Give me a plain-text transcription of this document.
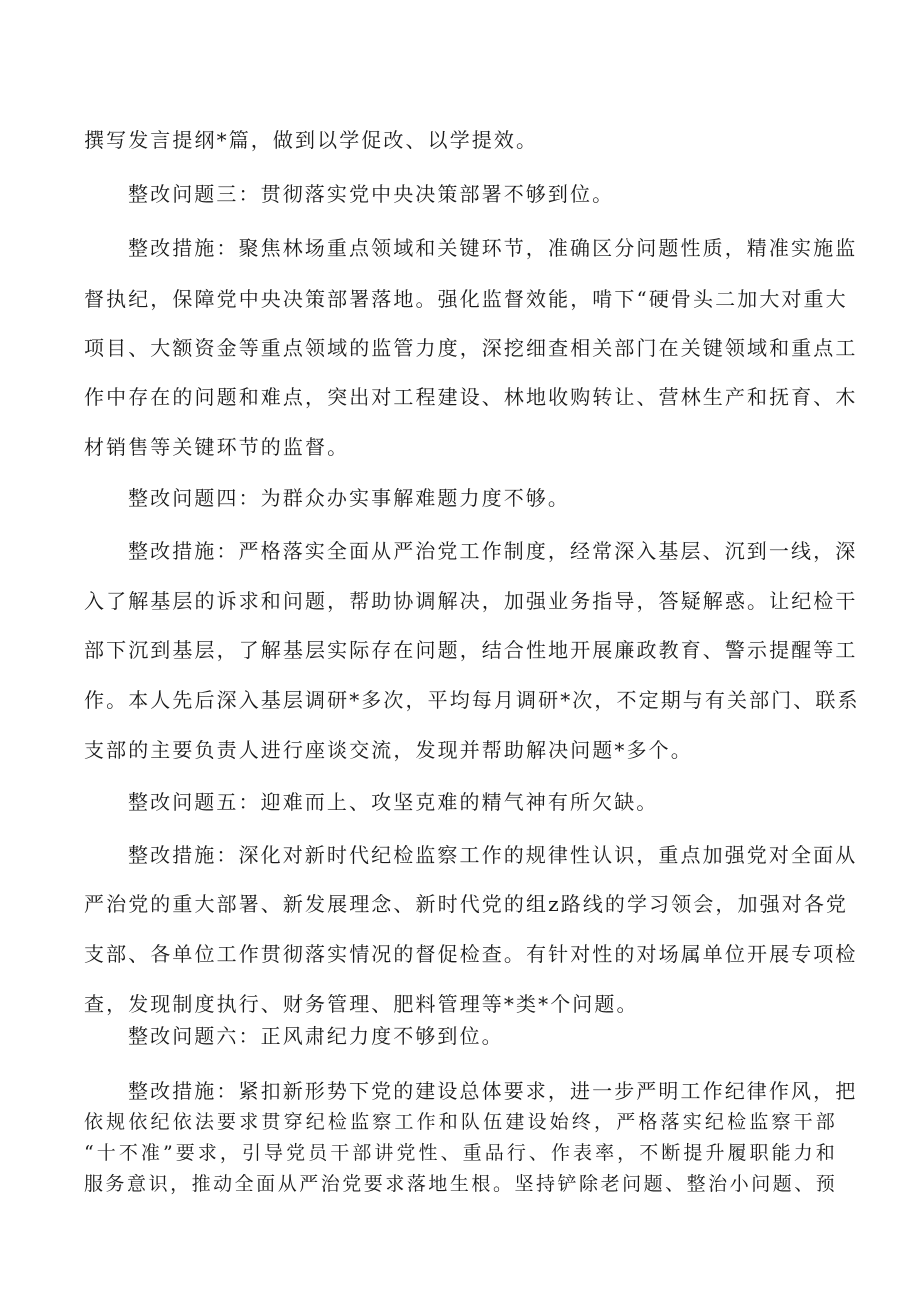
撰写发言提纲*篇，做到以学促改、以学提效。
整改问题三：贯彻落实党中央决策部署不够到位。
整改措施：聚焦林场重点领域和关键环节，准确区分问题性质，精准实施监
督执纪，保障党中央决策部署落地。强化监督效能，啃下“硬骨头二加大对重大
项目、大额资金等重点领域的监管力度，深挖细查相关部门在关键领域和重点工
作中存在的问题和难点，突出对工程建设、林地收购转让、营林生产和抚育、木
材销售等关键环节的监督。
整改问题四：为群众办实事解难题力度不够。
整改措施：严格落实全面从严治党工作制度，经常深入基层、沉到一线，深
入了解基层的诉求和问题，帮助协调解决，加强业务指导，答疑解惑。让纪检干
部下沉到基层，了解基层实际存在问题，结合性地开展廉政教育、警示提醒等工
作。本人先后深入基层调研*多次，平均每月调研*次，不定期与有关部门、联系
支部的主要负责人进行座谈交流，发现并帮助解决问题*多个。
整改问题五：迎难而上、攻坚克难的精气神有所欠缺。
整改措施：深化对新时代纪检监察工作的规律性认识，重点加强党对全面从
严治党的重大部署、新发展理念、新时代党的组z路线的学习领会，加强对各党
支部、各单位工作贯彻落实情况的督促检查。有针对性的对场属单位开展专项检
查，发现制度执行、财务管理、肥料管理等*类*个问题。
整改问题六：正风肃纪力度不够到位。
整改措施：紧扣新形势下党的建设总体要求，进一步严明工作纪律作风，把
依规依纪依法要求贯穿纪检监察工作和队伍建设始终，严格落实纪检监察干部
“十不准”要求，引导党员干部讲党性、重品行、作表率，不断提升履职能力和
服务意识，推动全面从严治党要求落地生根。坚持铲除老问题、整治小问题、预
